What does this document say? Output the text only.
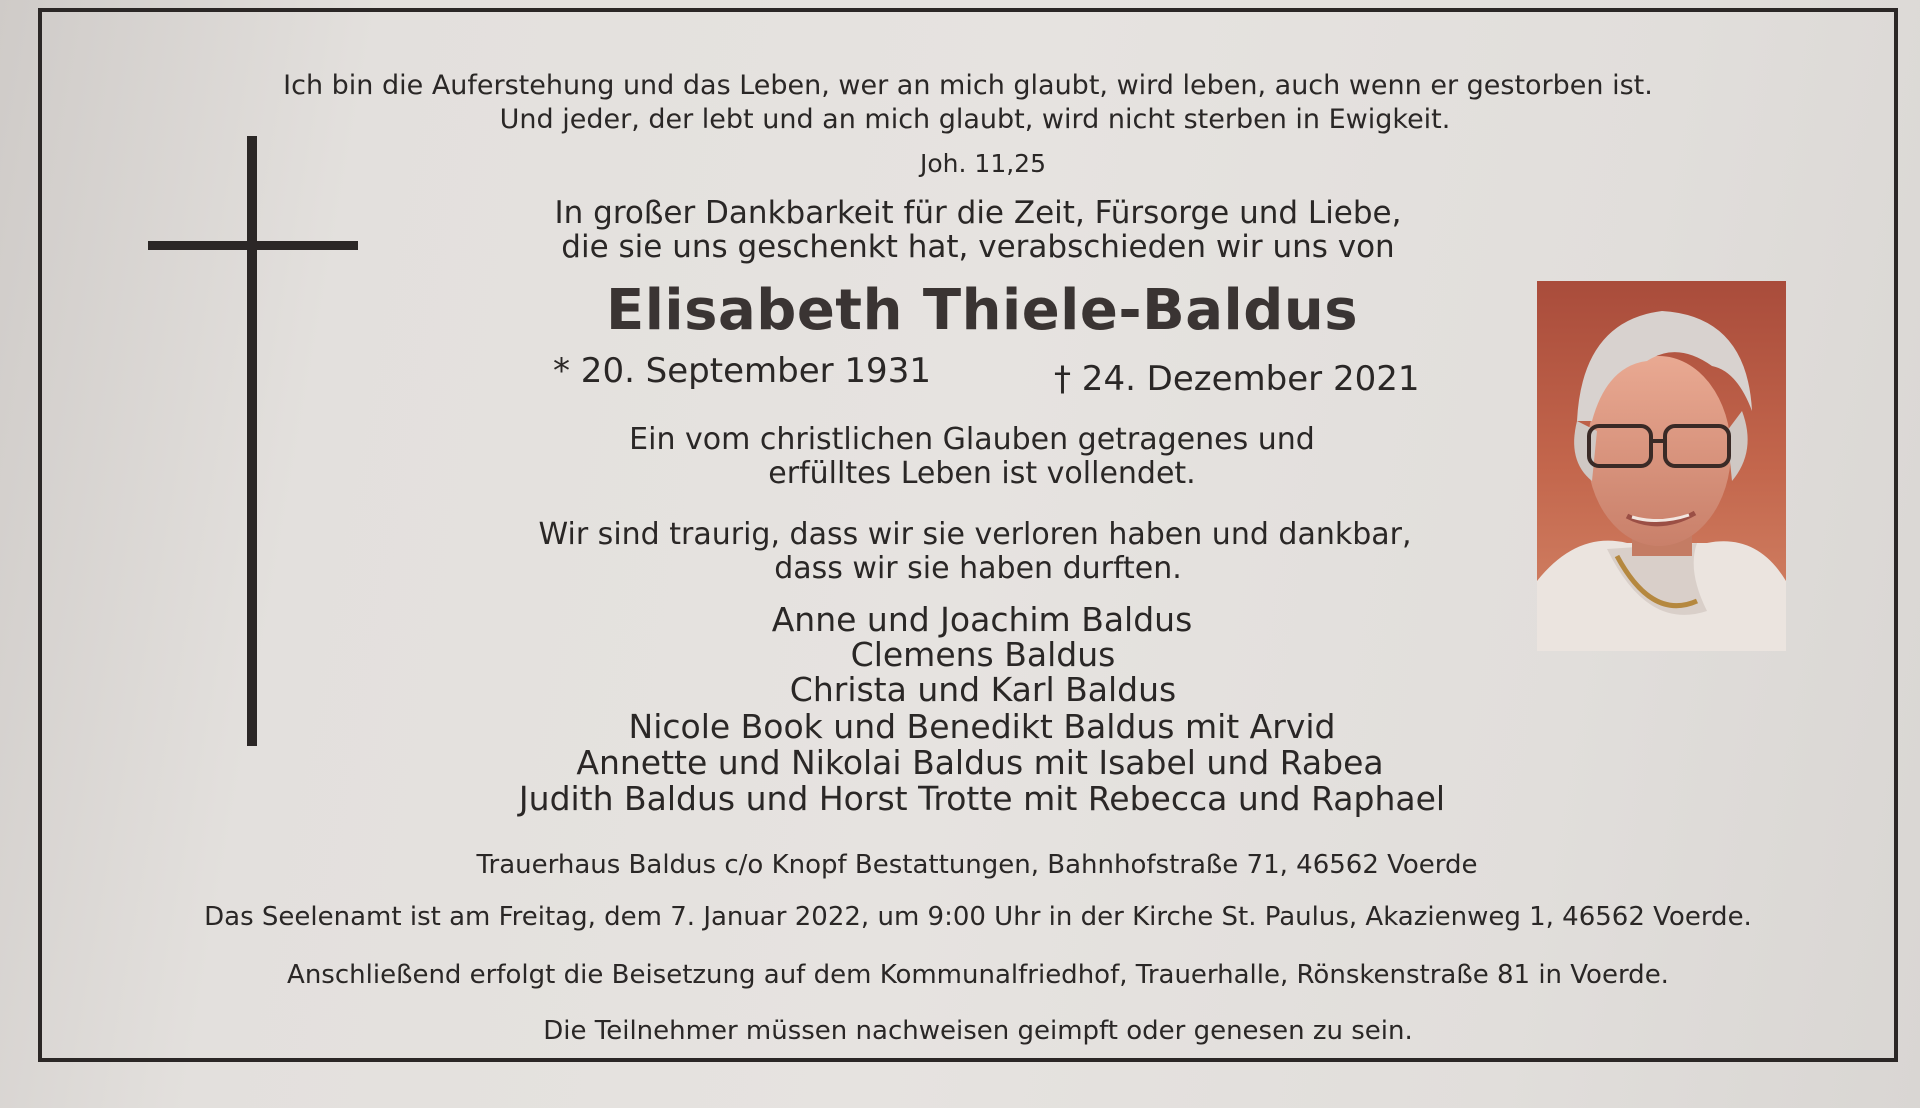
Ich bin die Auferstehung und das Leben, wer an mich glaubt, wird leben, auch wenn er gestorben ist.
Und jeder, der lebt und an mich glaubt, wird nicht sterben in Ewigkeit.
Joh. 11,25
In großer Dankbarkeit für die Zeit, Fürsorge und Liebe,
die sie uns geschenkt hat, verabschieden wir uns von
Elisabeth Thiele-Baldus
* 20. September 1931	† 24. Dezember 2021
Ein vom christlichen Glauben getragenes und
erfülltes Leben ist vollendet.
Wir sind traurig, dass wir sie verloren haben und dankbar,
dass wir sie haben durften.
Anne und Joachim Baldus
Clemens Baldus
Christa und Karl Baldus
Nicole Book und Benedikt Baldus mit Arvid
Annette und Nikolai Baldus mit Isabel und Rabea
Judith Baldus und Horst Trotte mit Rebecca und Raphael
Trauerhaus Baldus c/o Knopf Bestattungen, Bahnhofstraße 71, 46562 Voerde
Das Seelenamt ist am Freitag, dem 7. Januar 2022, um 9:00 Uhr in der Kirche St. Paulus, Akazienweg 1, 46562 Voerde.
Anschließend erfolgt die Beisetzung auf dem Kommunalfriedhof, Trauerhalle, Rönskenstraße 81 in Voerde.
Die Teilnehmer müssen nachweisen geimpft oder genesen zu sein.
